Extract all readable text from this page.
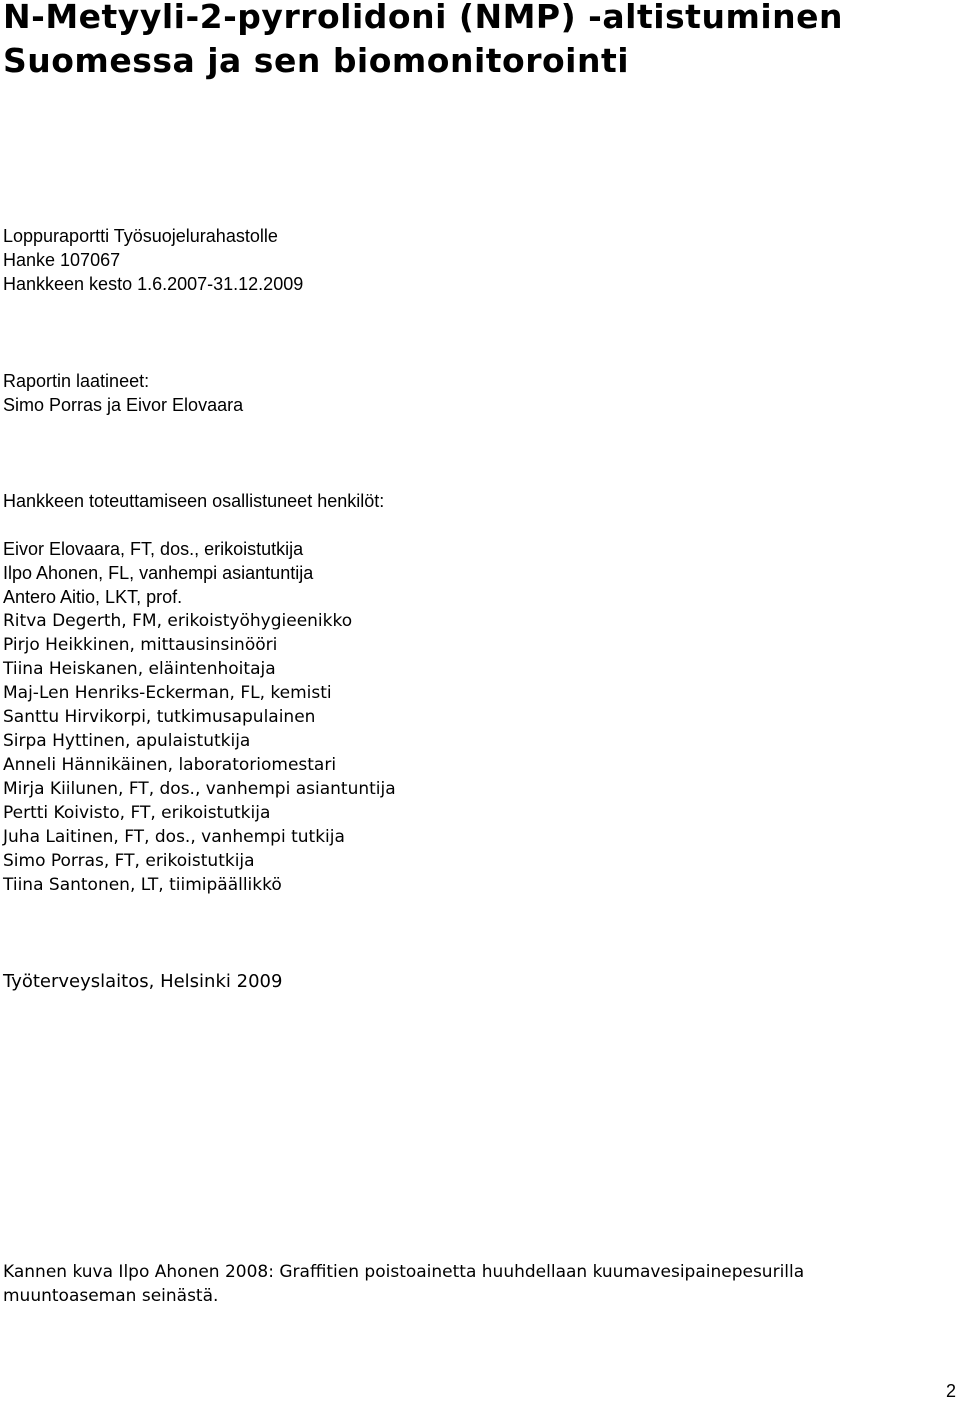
N-Metyyli-2-pyrrolidoni (NMP) -altistuminen
Suomessa ja sen biomonitorointi
Loppuraportti Työsuojelurahastolle
Hanke 107067
Hankkeen kesto 1.6.2007-31.12.2009
Raportin laatineet:
Simo Porras ja Eivor Elovaara
Hankkeen toteuttamiseen osallistuneet henkilöt:
Eivor Elovaara, FT, dos., erikoistutkija
Ilpo Ahonen, FL, vanhempi asiantuntija
Antero Aitio, LKT, prof.
Ritva Degerth, FM, erikoistyöhygieenikko
Pirjo Heikkinen, mittausinsinööri
Tiina Heiskanen, eläintenhoitaja
Maj-Len Henriks-Eckerman, FL, kemisti
Santtu Hirvikorpi, tutkimusapulainen
Sirpa Hyttinen, apulaistutkija
Anneli Hännikäinen, laboratoriomestari
Mirja Kiilunen, FT, dos., vanhempi asiantuntija
Pertti Koivisto, FT, erikoistutkija
Juha Laitinen, FT, dos., vanhempi tutkija
Simo Porras, FT, erikoistutkija
Tiina Santonen, LT, tiimipäällikkö
Työterveyslaitos, Helsinki 2009
Kannen kuva Ilpo Ahonen 2008: Graffitien poistoainetta huuhdellaan kuumavesipainepesurilla
muuntoaseman seinästä.
2
